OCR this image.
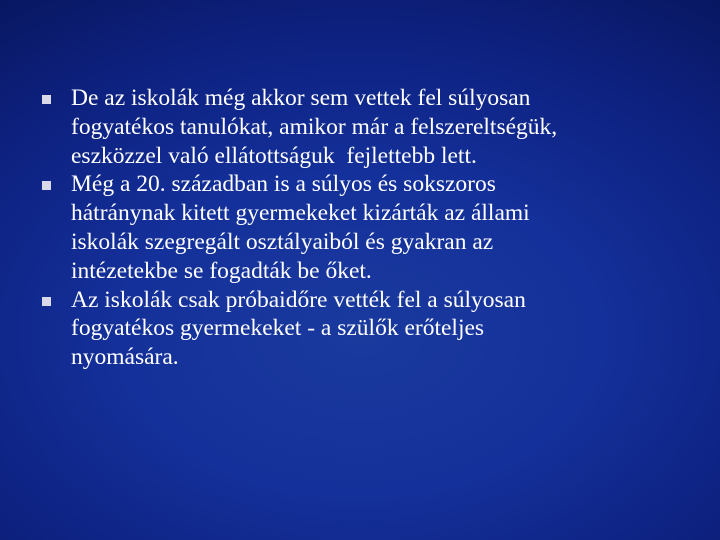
De az iskolák még akkor sem vettek fel súlyosan
fogyatékos tanulókat, amikor már a felszereltségük,
eszközzel való ellátottságuk  fejlettebb lett.
Még a 20. században is a súlyos és sokszoros
hátránynak kitett gyermekeket kizárták az állami
iskolák szegregált osztályaiból és gyakran az
intézetekbe se fogadták be őket.
Az iskolák csak próbaidőre vették fel a súlyosan
fogyatékos gyermekeket - a szülők erőteljes
nyomására.
